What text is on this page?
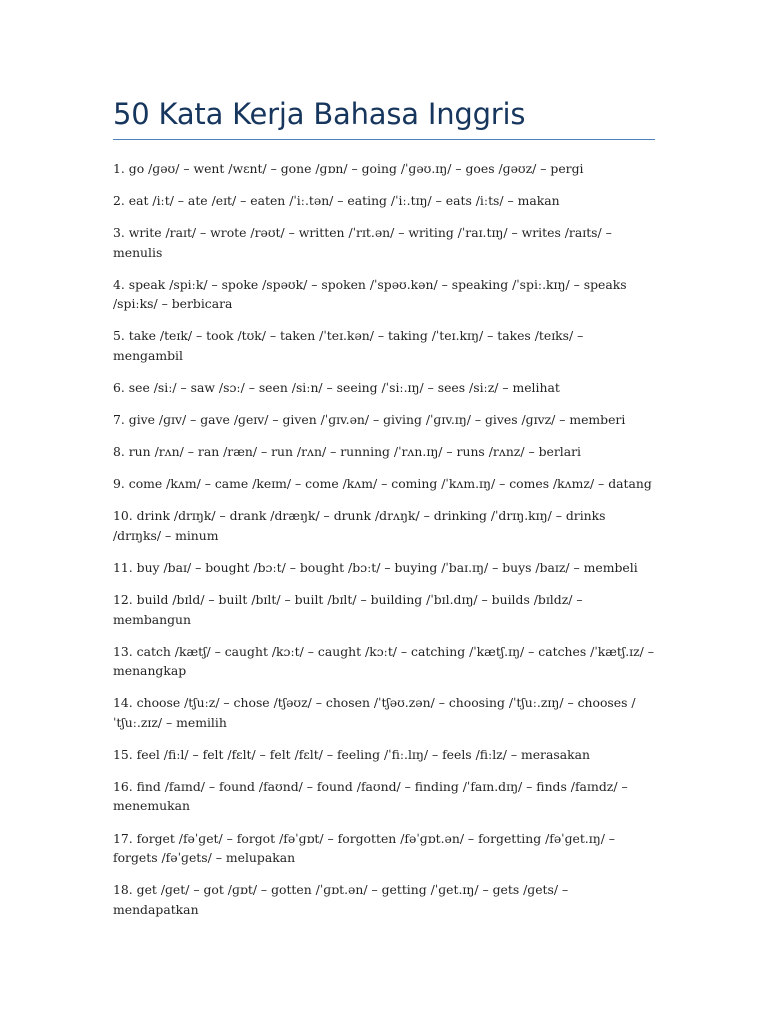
50 Kata Kerja Bahasa Inggris
1. go /ɡəʊ/ – went /wɛnt/ – gone /ɡɒn/ – going /ˈɡəʊ.ɪŋ/ – goes /ɡəʊz/ – pergi
2. eat /iːt/ – ate /eɪt/ – eaten /ˈiː.tən/ – eating /ˈiː.tɪŋ/ – eats /iːts/ – makan
3. write /raɪt/ – wrote /rəʊt/ – written /ˈrɪt.ən/ – writing /ˈraɪ.tɪŋ/ – writes /raɪts/ – menulis
4. speak /spiːk/ – spoke /spəʊk/ – spoken /ˈspəʊ.kən/ – speaking /ˈspiː.kɪŋ/ – speaks /spiːks/ – berbicara
5. take /teɪk/ – took /tʊk/ – taken /ˈteɪ.kən/ – taking /ˈteɪ.kɪŋ/ – takes /teɪks/ – mengambil
6. see /siː/ – saw /sɔː/ – seen /siːn/ – seeing /ˈsiː.ɪŋ/ – sees /siːz/ – melihat
7. give /ɡɪv/ – gave /ɡeɪv/ – given /ˈɡɪv.ən/ – giving /ˈɡɪv.ɪŋ/ – gives /ɡɪvz/ – memberi
8. run /rʌn/ – ran /ræn/ – run /rʌn/ – running /ˈrʌn.ɪŋ/ – runs /rʌnz/ – berlari
9. come /kʌm/ – came /keɪm/ – come /kʌm/ – coming /ˈkʌm.ɪŋ/ – comes /kʌmz/ – datang
10. drink /drɪŋk/ – drank /dræŋk/ – drunk /drʌŋk/ – drinking /ˈdrɪŋ.kɪŋ/ – drinks /drɪŋks/ – minum
11. buy /baɪ/ – bought /bɔːt/ – bought /bɔːt/ – buying /ˈbaɪ.ɪŋ/ – buys /baɪz/ – membeli
12. build /bɪld/ – built /bɪlt/ – built /bɪlt/ – building /ˈbɪl.dɪŋ/ – builds /bɪldz/ – membangun
13. catch /kætʃ/ – caught /kɔːt/ – caught /kɔːt/ – catching /ˈkætʃ.ɪŋ/ – catches /ˈkætʃ.ɪz/ – menangkap
14. choose /tʃuːz/ – chose /tʃəʊz/ – chosen /ˈtʃəʊ.zən/ – choosing /ˈtʃuː.zɪŋ/ – chooses /ˈtʃuː.zɪz/ – memilih
15. feel /fiːl/ – felt /fɛlt/ – felt /fɛlt/ – feeling /ˈfiː.lɪŋ/ – feels /fiːlz/ – merasakan
16. find /faɪnd/ – found /faʊnd/ – found /faʊnd/ – finding /ˈfaɪn.dɪŋ/ – finds /faɪndz/ – menemukan
17. forget /fəˈɡet/ – forgot /fəˈɡɒt/ – forgotten /fəˈɡɒt.ən/ – forgetting /fəˈɡet.ɪŋ/ – forgets /fəˈɡets/ – melupakan
18. get /ɡet/ – got /ɡɒt/ – gotten /ˈɡɒt.ən/ – getting /ˈɡet.ɪŋ/ – gets /ɡets/ – mendapatkan
